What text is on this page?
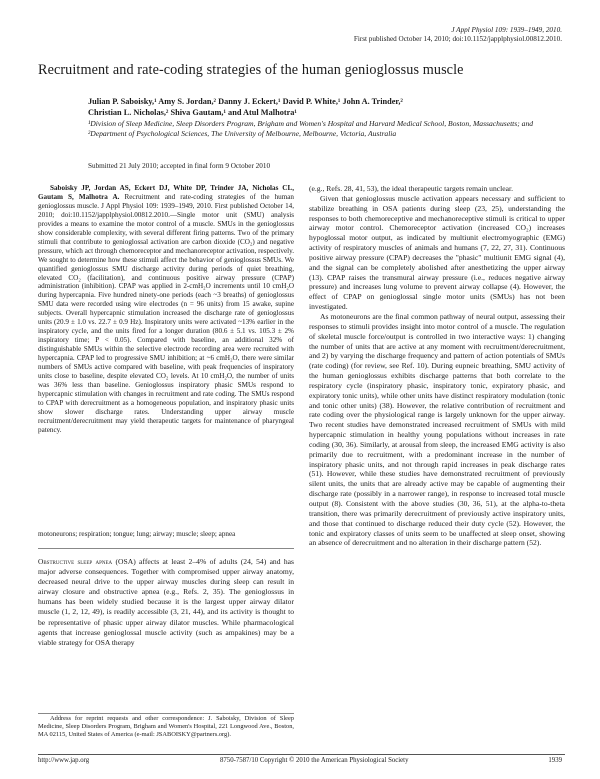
J Appl Physiol 109: 1939–1949, 2010.
First published October 14, 2010; doi:10.1152/japplphysiol.00812.2010.
Recruitment and rate-coding strategies of the human genioglossus muscle
Julian P. Saboisky,¹ Amy S. Jordan,² Danny J. Eckert,¹ David P. White,¹ John A. Trinder,²
Christian L. Nicholas,² Shiva Gautam,¹ and Atul Malhotra¹
¹Division of Sleep Medicine, Sleep Disorders Program, Brigham and Women's Hospital and Harvard Medical School, Boston, Massachusetts; and ²Department of Psychological Sciences, The University of Melbourne, Melbourne, Victoria, Australia
Submitted 21 July 2010; accepted in final form 9 October 2010
Saboisky JP, Jordan AS, Eckert DJ, White DP, Trinder JA, Nicholas CL, Gautam S, Malhotra A. Recruitment and rate-coding strategies of the human genioglossus muscle. J Appl Physiol 109: 1939–1949, 2010. First published October 14, 2010; doi:10.1152/japplphysiol.00812.2010.—Single motor unit (SMU) analysis provides a means to examine the motor control of a muscle. SMUs in the genioglossus show considerable complexity, with several different firing patterns. Two of the primary stimuli that contribute to genioglossal activation are carbon dioxide (CO₂) and negative pressure, which act through chemoreceptor and mechanoreceptor activation, respectively. We sought to determine how these stimuli affect the behavior of genioglossus SMUs. We quantified genioglossus SMU discharge activity during periods of quiet breathing, elevated CO₂ (facilitation), and continuous positive airway pressure (CPAP) administration (inhibition). CPAP was applied in 2-cmH₂O increments until 10 cmH₂O during hypercapnia. Five hundred ninety-one periods (each ~3 breaths) of genioglossus SMU data were recorded using wire electrodes (n = 96 units) from 15 awake, supine subjects. Overall hypercapnic stimulation increased the discharge rate of genioglossus units (20.9 ± 1.0 vs. 22.7 ± 0.9 Hz). Inspiratory units were activated ~13% earlier in the inspiratory cycle, and the units fired for a longer duration (80.6 ± 5.1 vs. 105.3 ± 2% inspiratory time; P < 0.05). Compared with baseline, an additional 32% of distinguishable SMUs within the selective electrode recording area were recruited with hypercapnia. CPAP led to progressive SMU inhibition; at ~6 cmH₂O, there were similar numbers of SMUs active compared with baseline, with peak frequencies of inspiratory units close to baseline, despite elevated CO₂ levels. At 10 cmH₂O, the number of units was 36% less than baseline. Genioglossus inspiratory phasic SMUs respond to hypercapnic stimulation with changes in recruitment and rate coding. The SMUs respond to CPAP with derecruitment as a homogeneous population, and inspiratory phasic units show slower discharge rates. Understanding upper airway muscle recruitment/derecruitment may yield therapeutic targets for maintenance of pharyngeal patency.
motoneurons; respiration; tongue; lung; airway; muscle; sleep; apnea
Obstructive sleep apnea (OSA) affects at least 2–4% of adults (24, 54) and has major adverse consequences. Together with compromised upper airway anatomy, decreased neural drive to the upper airway muscles during sleep can result in airway closure and obstructive apnea (e.g., Refs. 2, 35). The genioglossus in humans has been widely studied because it is the largest upper airway dilator muscle (1, 2, 12, 49), is readily accessible (3, 21, 44), and its activity is thought to be representative of phasic upper airway dilator muscles. While pharmacological agents that increase genioglossal muscle activity (such as ampakines) may be a viable strategy for OSA therapy
Address for reprint requests and other correspondence: J. Saboisky, Division of Sleep Medicine, Sleep Disorders Program, Brigham and Women's Hospital, 221 Longwood Ave., Boston, MA 02115, United States of America (e-mail: JSABOISKY@partners.org).

(e.g., Refs. 28, 41, 53), the ideal therapeutic targets remain unclear.

Given that genioglossus muscle activation appears necessary and sufficient to stabilize breathing in OSA patients during sleep (23, 25), understanding the responses to both chemoreceptive and mechanoreceptive stimuli is critical to upper airway motor control. Chemoreceptor activation (increased CO₂) increases hypoglossal motor output, as indicated by multiunit electromyographic (EMG) activity of respiratory muscles of animals and humans (7, 22, 27, 31). Continuous positive airway pressure (CPAP) decreases the "phasic" multiunit EMG signal (4), and the signal can be completely abolished after anesthetizing the upper airway (13). CPAP raises the transmural airway pressure (i.e., reduces negative airway pressure) and increases lung volume to prevent airway collapse (4). However, the effect of CPAP on genioglossal single motor units (SMUs) has not been investigated.

As motoneurons are the final common pathway of neural output, assessing their responses to stimuli provides insight into motor control of a muscle. The regulation of skeletal muscle force/output is controlled in two interactive ways: 1) changing the number of units that are active at any moment with recruitment/derecruitment, and 2) by varying the discharge frequency and pattern of action potentials of SMUs (rate coding) (for review, see Ref. 10). During eupneic breathing, SMU activity of the human genioglossus exhibits discharge patterns that both correlate to the respiratory cycle (inspiratory phasic, inspiratory tonic, expiratory phasic, and expiratory tonic units), while other units have distinct respiratory modulation (tonic and tonic other units) (38). However, the relative contribution of recruitment and rate coding over the physiological range is largely unknown for the upper airway. Two recent studies have demonstrated increased recruitment of SMUs with mild hypercapnic stimulation in healthy young populations without increases in rate coding (30, 36). Similarly, at arousal from sleep, the increased EMG activity is also primarily due to recruitment, with a predominant increase in the number of inspiratory phasic units, and not through rapid increases in peak discharge rates (51). However, while these studies have demonstrated recruitment of previously silent units, the units that are already active may be capable of augmenting their discharge rate (possibly in a narrower range), in response to increased total muscle output (8). Consistent with the above studies (30, 36, 51), at the alpha-to-theta transition, there was primarily derecruitment of previously active inspiratory units, and those that continued to discharge reduced their duty cycle (52). However, the tonic and expiratory classes of units seem to be unaffected at sleep onset, showing an absence of derecruitment and no alteration in their discharge pattern (52).

http://www.jap.org	8750-7587/10 Copyright © 2010 the American Physiological Society	1939
